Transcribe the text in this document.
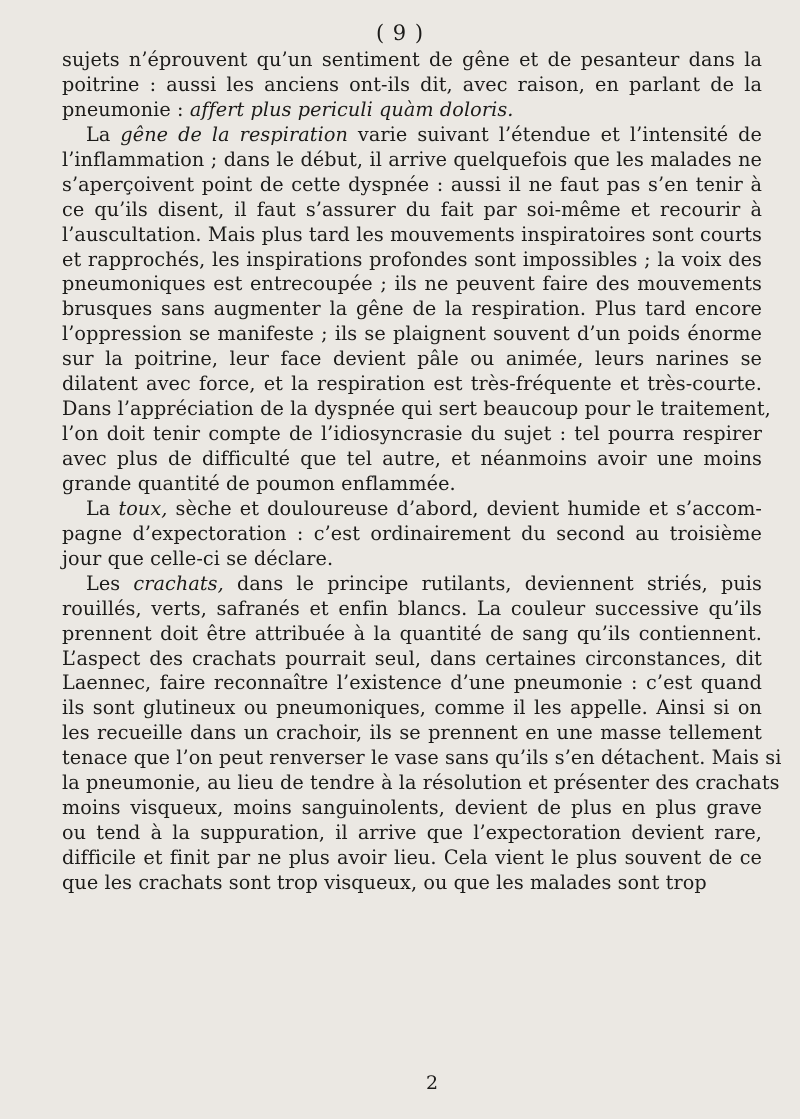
( 9 )
sujets n’éprouvent qu’un sentiment de gêne et de pesanteur dans la
poitrine : aussi les anciens ont-ils dit, avec raison, en parlant de la
pneumonie : affert plus periculi quàm doloris.
La gêne de la respiration varie suivant l’étendue et l’intensité de
l’inflammation ; dans le début, il arrive quelquefois que les malades ne
s’aperçoivent point de cette dyspnée : aussi il ne faut pas s’en tenir à
ce qu’ils disent, il faut s’assurer du fait par soi-même et recourir à
l’auscultation. Mais plus tard les mouvements inspiratoires sont courts
et rapprochés, les inspirations profondes sont impossibles ; la voix des
pneumoniques est entrecoupée ; ils ne peuvent faire des mouvements
brusques sans augmenter la gêne de la respiration. Plus tard encore
l’oppression se manifeste ; ils se plaignent souvent d’un poids énorme
sur la poitrine, leur face devient pâle ou animée, leurs narines se
dilatent avec force, et la respiration est très-fréquente et très-courte.
Dans l’appréciation de la dyspnée qui sert beaucoup pour le traitement,
l’on doit tenir compte de l’idiosyncrasie du sujet : tel pourra respirer
avec plus de difficulté que tel autre, et néanmoins avoir une moins
grande quantité de poumon enflammée.
La toux, sèche et douloureuse d’abord, devient humide et s’accom-
pagne d’expectoration : c’est ordinairement du second au troisième
jour que celle-ci se déclare.
Les crachats, dans le principe rutilants, deviennent striés, puis
rouillés, verts, safranés et enfin blancs. La couleur successive qu’ils
prennent doit être attribuée à la quantité de sang qu’ils contiennent.
L’aspect des crachats pourrait seul, dans certaines circonstances, dit
Laennec, faire reconnaître l’existence d’une pneumonie : c’est quand
ils sont glutineux ou pneumoniques, comme il les appelle. Ainsi si on
les recueille dans un crachoir, ils se prennent en une masse tellement
tenace que l’on peut renverser le vase sans qu’ils s’en détachent. Mais si
la pneumonie, au lieu de tendre à la résolution et présenter des crachats
moins visqueux, moins sanguinolents, devient de plus en plus grave
ou tend à la suppuration, il arrive que l’expectoration devient rare,
difficile et finit par ne plus avoir lieu. Cela vient le plus souvent de ce
que les crachats sont trop visqueux, ou que les malades sont trop
2
